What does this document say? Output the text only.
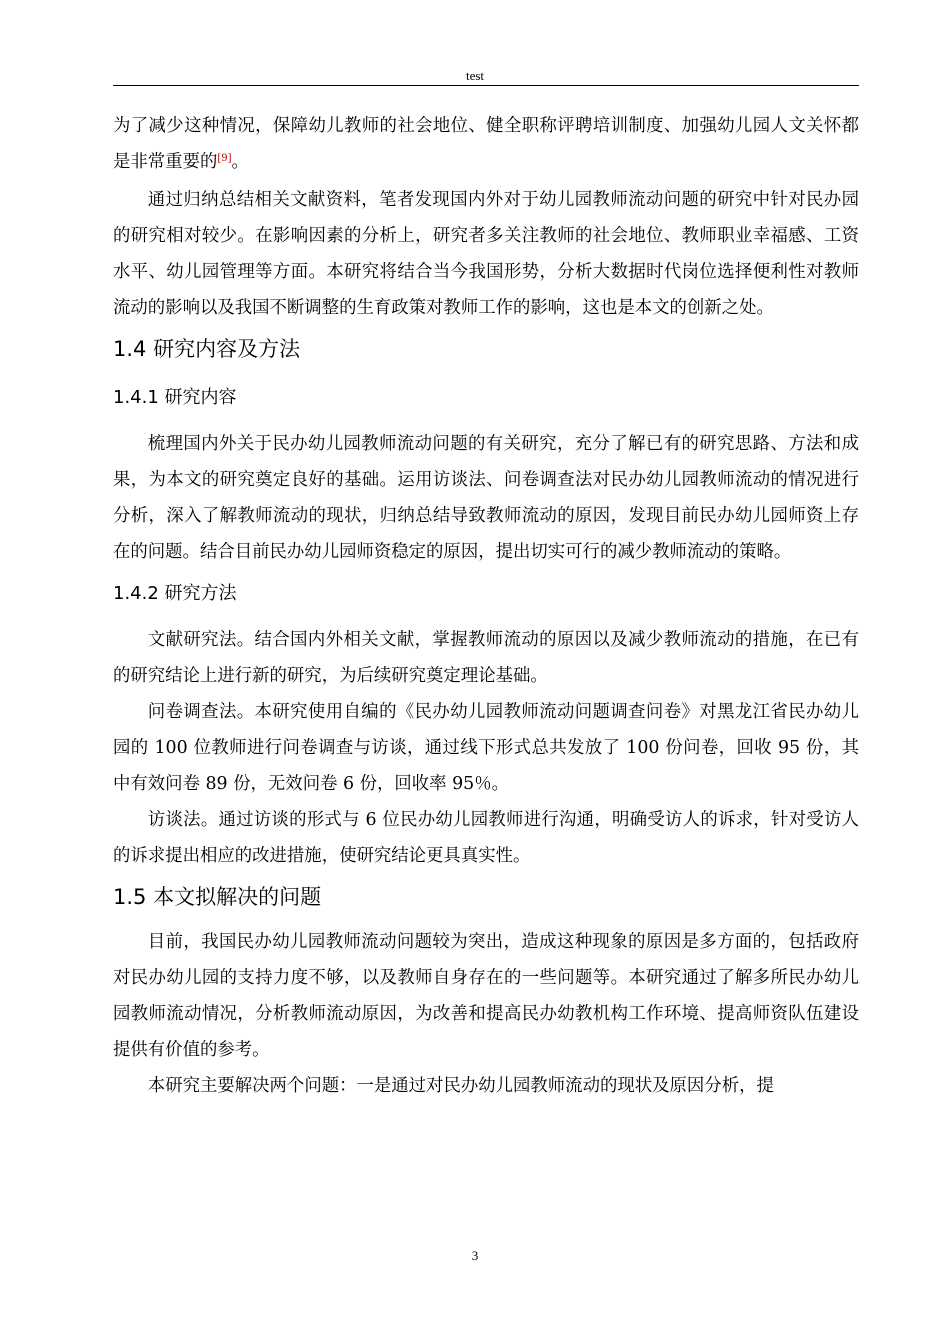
test

为了减少这种情况，保障幼儿教师的社会地位、健全职称评聘培训制度、加强幼儿园人文关怀都是非常重要的[9]。

通过归纳总结相关文献资料，笔者发现国内外对于幼儿园教师流动问题的研究中针对民办园的研究相对较少。在影响因素的分析上，研究者多关注教师的社会地位、教师职业幸福感、工资水平、幼儿园管理等方面。本研究将结合当今我国形势，分析大数据时代岗位选择便利性对教师流动的影响以及我国不断调整的生育政策对教师工作的影响，这也是本文的创新之处。

1.4 研究内容及方法
1.4.1 研究内容

梳理国内外关于民办幼儿园教师流动问题的有关研究，充分了解已有的研究思路、方法和成果，为本文的研究奠定良好的基础。运用访谈法、问卷调查法对民办幼儿园教师流动的情况进行分析，深入了解教师流动的现状，归纳总结导致教师流动的原因，发现目前民办幼儿园师资上存在的问题。结合目前民办幼儿园师资稳定的原因，提出切实可行的减少教师流动的策略。

1.4.2 研究方法

文献研究法。结合国内外相关文献，掌握教师流动的原因以及减少教师流动的措施，在已有的研究结论上进行新的研究，为后续研究奠定理论基础。

问卷调查法。本研究使用自编的《民办幼儿园教师流动问题调查问卷》对黑龙江省民办幼儿园的 100 位教师进行问卷调查与访谈，通过线下形式总共发放了 100 份问卷，回收 95 份，其中有效问卷 89 份，无效问卷 6 份，回收率 95％。

访谈法。通过访谈的形式与 6 位民办幼儿园教师进行沟通，明确受访人的诉求，针对受访人的诉求提出相应的改进措施，使研究结论更具真实性。

1.5 本文拟解决的问题

目前，我国民办幼儿园教师流动问题较为突出，造成这种现象的原因是多方面的，包括政府对民办幼儿园的支持力度不够，以及教师自身存在的一些问题等。本研究通过了解多所民办幼儿园教师流动情况，分析教师流动原因，为改善和提高民办幼教机构工作环境、提高师资队伍建设提供有价值的参考。

本研究主要解决两个问题：一是通过对民办幼儿园教师流动的现状及原因分析，提

3
